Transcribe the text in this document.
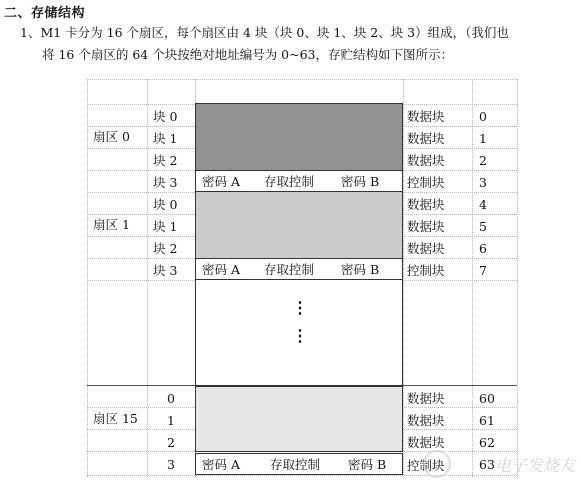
二、存储结构
1、M1 卡分为 16 个扇区，每个扇区由 4 块（块 0、块 1、块 2、块 3）组成，（我们也
将 16 个扇区的 64 个块按绝对地址编号为 0~63，存贮结构如下图所示：
扇区 0
扇区 1
扇区 15
块 0
块 1
块 2
块 3 密码 A 存取控制 密码 B
数据块
数据块
数据块
控制块
0
1
2
3
块 0
块 1
块 2
块 3 密码 A 存取控制 密码 B
数据块
数据块
数据块
控制块
4
5
6
7
⋮
⋮
0
1
2
3 密码 A 存取控制 密码 B
数据块
数据块
数据块
控制块
60
61
62
63 电子发烧友
